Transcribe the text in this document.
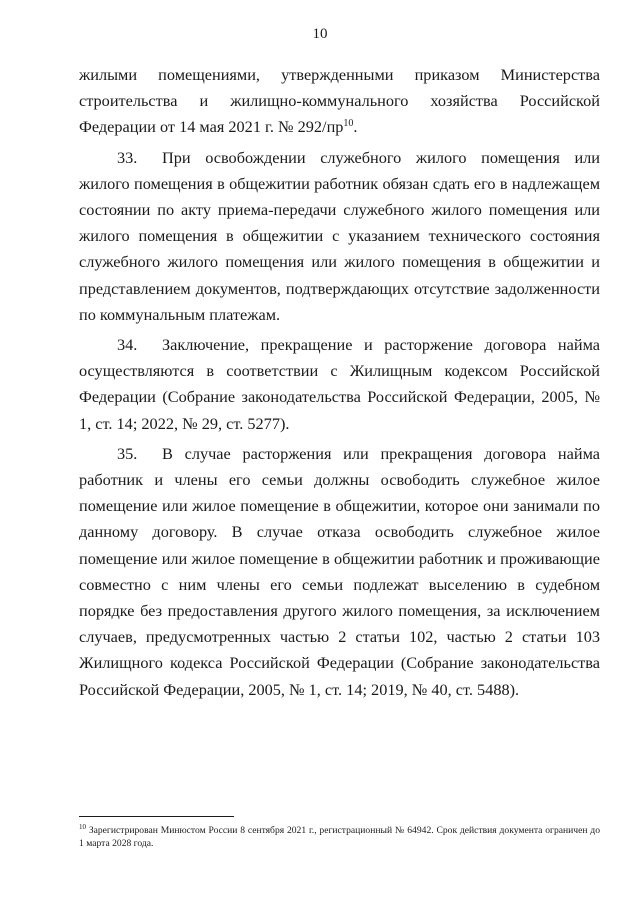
10

жилыми помещениями, утвержденными приказом Министерства строительства и жилищно-коммунального хозяйства Российской Федерации от 14 мая 2021 г. № $292/пр^{10}$.

33. При освобождении служебного жилого помещения или жилого помещения в общежитии работник обязан сдать его в надлежащем состоянии по акту приема-передачи служебного жилого помещения или жилого помещения в общежитии с указанием технического состояния служебного жилого помещения или жилого помещения в общежитии и представлением документов, подтверждающих отсутствие задолженности по коммунальным платежам.

34. Заключение, прекращение и расторжение договора найма осуществляются в соответствии с Жилищным кодексом Российской Федерации (Собрание законодательства Российской Федерации, 2005, № 1, ст. 14; 2022, № 29, ст. 5277).

35. В случае расторжения или прекращения договора найма работник и члены его семьи должны освободить служебное жилое помещение или жилое помещение в общежитии, которое они занимали по данному договору. В случае отказа освободить служебное жилое помещение или жилое помещение в общежитии работник и проживающие совместно с ним члены его семьи подлежат выселению в судебном порядке без предоставления другого жилого помещения, за исключением случаев, предусмотренных частью 2 статьи 102, частью 2 статьи 103 Жилищного кодекса Российской Федерации (Собрание законодательства Российской Федерации, 2005, № 1, ст. 14; 2019, № 40, ст. 5488).

$^{10}$ Зарегистрирован Минюстом России 8 сентября 2021 г., регистрационный № 64942. Срок действия документа ограничен до 1 марта 2028 года.
